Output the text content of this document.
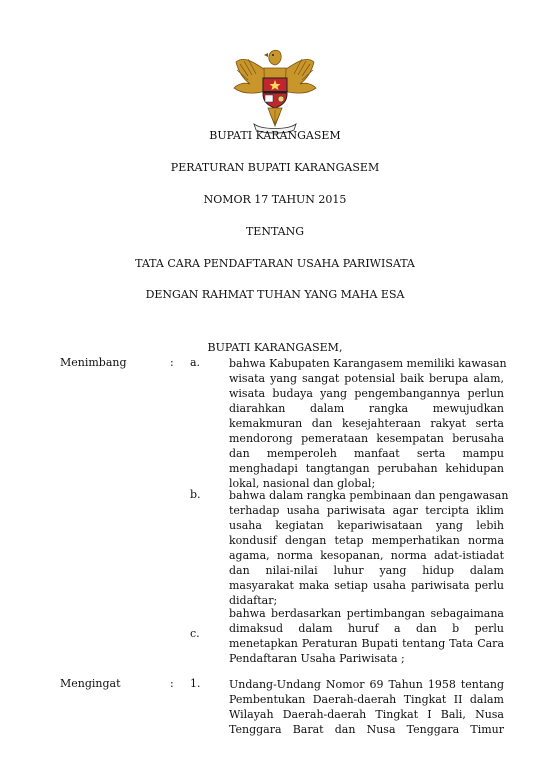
BUPATI KARANGASEM
PERATURAN BUPATI KARANGASEM
NOMOR 17 TAHUN 2015
TENTANG
TATA CARA PENDAFTARAN USAHA PARIWISATA
DENGAN RAHMAT TUHAN YANG MAHA ESA
BUPATI KARANGASEM,
Menimbang	: a.	bahwa Kabupaten Karangasem memiliki kawasan
wisata yang sangat potensial baik berupa alam,
wisata budaya yang pengembangannya perlun
diarahkan dalam rangka mewujudkan
kemakmuran dan kesejahteraan rakyat serta
mendorong pemerataan kesempatan berusaha
dan memperoleh manfaat serta mampu
menghadapi tangtangan perubahan kehidupan
lokal, nasional dan global;
b.	bahwa dalam rangka pembinaan dan pengawasan
terhadap usaha pariwisata agar tercipta iklim
usaha kegiatan kepariwisataan yang lebih
kondusif dengan tetap memperhatikan norma
agama, norma kesopanan, norma adat-istiadat
dan nilai-nilai luhur yang hidup dalam
masyarakat maka setiap usaha pariwisata perlu
didaftar;
c.
bahwa berdasarkan pertimbangan sebagaimana
dimaksud dalam huruf a dan b perlu
menetapkan Peraturan Bupati tentang Tata Cara
Pendaftaran Usaha Pariwisata ;
Mengingat	: 1.	Undang-Undang Nomor 69 Tahun 1958 tentang
Pembentukan Daerah-daerah Tingkat II dalam
Wilayah Daerah-daerah Tingkat I Bali, Nusa
Tenggara Barat dan Nusa Tenggara Timur
